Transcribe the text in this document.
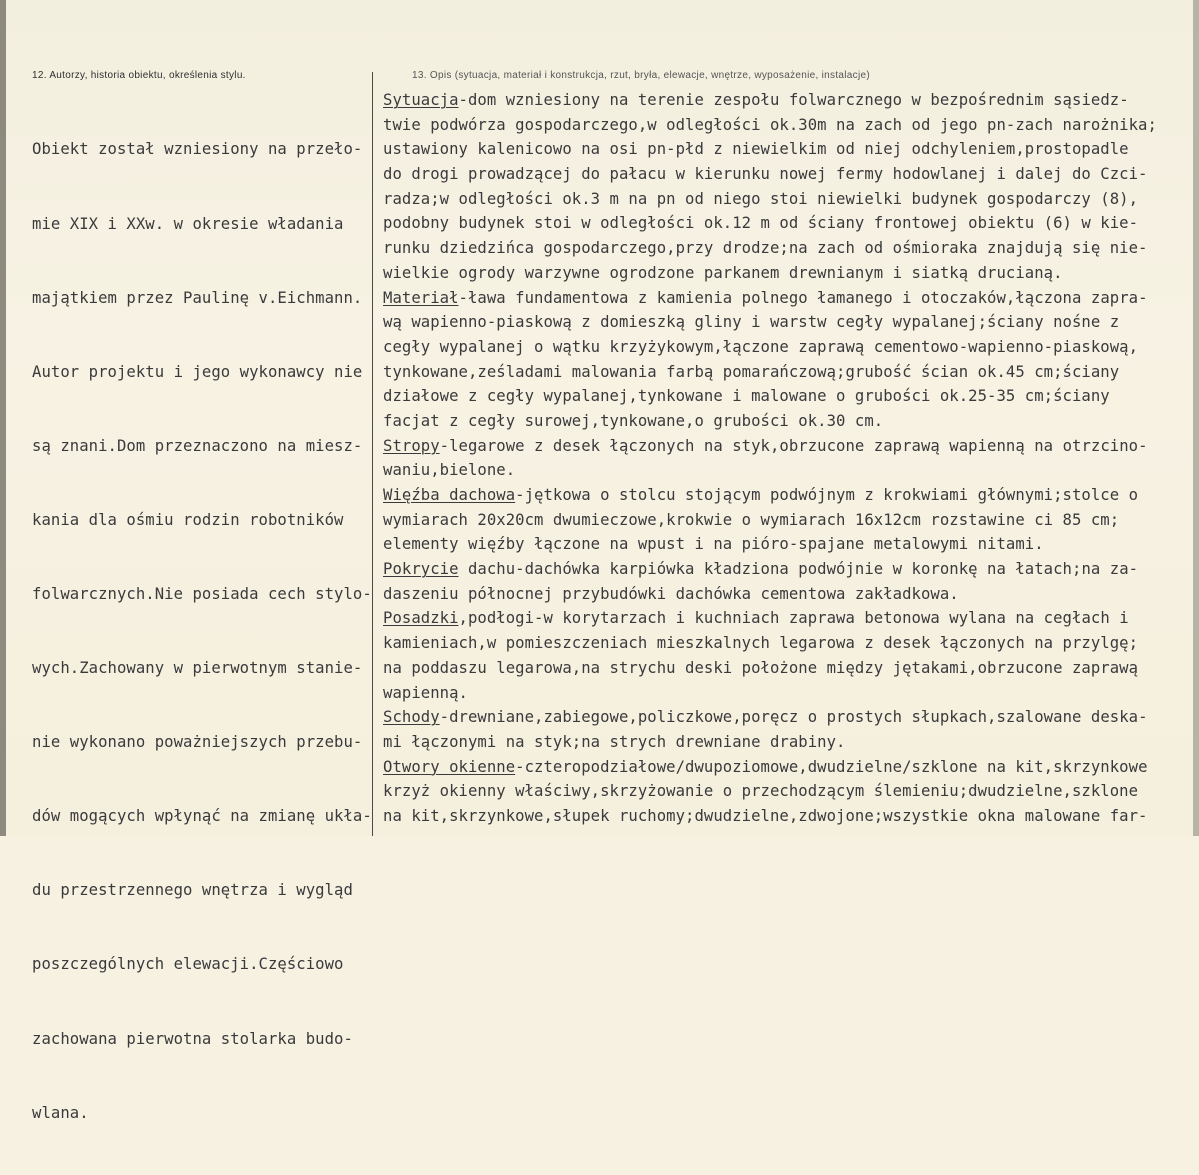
12. Autorzy, historia obiektu, określenia stylu.	13. Opis (sytuacja, materiał i konstrukcja, rzut, bryła, elewacje, wnętrze, wyposażenie, instalacje)

Obiekt został wzniesiony na przeło-

mie XIX i XXw. w okresie władania

majątkiem przez Paulinę v.Eichmann.

Autor projektu i jego wykonawcy nie

są znani.Dom przeznaczono na miesz-

kania dla ośmiu rodzin robotników

folwarcznych.Nie posiada cech stylo-

wych.Zachowany w pierwotnym stanie-

nie wykonano poważniejszych przebu-

dów mogących wpłynąć na zmianę ukła-

du przestrzennego wnętrza i wygląd

poszczególnych elewacji.Częściowo

zachowana pierwotna stolarka budo-

wlana.

Sytuacja-dom wzniesiony na terenie zespołu folwarcznego w bezpośrednim sąsiedz-
twie podwórza gospodarczego,w odległości ok.30m na zach od jego pn-zach narożnika;
ustawiony kalenicowo na osi pn-płd z niewielkim od niej odchyleniem,prostopadle
do drogi prowadzącej do pałacu w kierunku nowej fermy hodowlanej i dalej do Czci-
radza;w odległości ok.3 m na pn od niego stoi niewielki budynek gospodarczy (8),
podobny budynek stoi w odległości ok.12 m od ściany frontowej obiektu (6) w kie-
runku dziedzińca gospodarczego,przy drodze;na zach od ośmioraka znajdują się nie-
wielkie ogrody warzywne ogrodzone parkanem drewnianym i siatką drucianą.
Materiał-ława fundamentowa z kamienia polnego łamanego i otoczaków,łączona zapra-
wą wapienno-piaskową z domieszką gliny i warstw cegły wypalanej;ściany nośne z
cegły wypalanej o wątku krzyżykowym,łączone zaprawą cementowo-wapienno-piaskową,
tynkowane,ześladami malowania farbą pomarańczową;grubość ścian ok.45 cm;ściany
działowe z cegły wypalanej,tynkowane i malowane o grubości ok.25-35 cm;ściany
facjat z cegły surowej,tynkowane,o grubości ok.30 cm.
Stropy-legarowe z desek łączonych na styk,obrzucone zaprawą wapienną na otrzcino-
waniu,bielone.
Więźba dachowa-jętkowa o stolcu stojącym podwójnym z krokwiami głównymi;stolce o
wymiarach 20x20cm dwumieczowe,krokwie o wymiarach 16x12cm rozstawine ci 85 cm;
elementy więźby łączone na wpust i na pióro-spajane metalowymi nitami.
Pokrycie dachu-dachówka karpiówka kładziona podwójnie w koronkę na łatach;na za-
daszeniu północnej przybudówki dachówka cementowa zakładkowa.
Posadzki,podłogi-w korytarzach i kuchniach zaprawa betonowa wylana na cegłach i
kamieniach,w pomieszczeniach mieszkalnych legarowa z desek łączonych na przylgę;
na poddaszu legarowa,na strychu deski położone między jętakami,obrzucone zaprawą
wapienną.
Schody-drewniane,zabiegowe,policzkowe,poręcz o prostych słupkach,szalowane deska-
mi łączonymi na styk;na strych drewniane drabiny.
Otwory okienne-czteropodziałowe/dwupoziomowe,dwudzielne/szklone na kit,skrzynkowe
krzyż okienny właściwy,skrzyżowanie o przechodzącym ślemieniu;dwudzielne,szklone
na kit,skrzynkowe,słupek ruchomy;dwudzielne,zdwojone;wszystkie okna malowane far-
